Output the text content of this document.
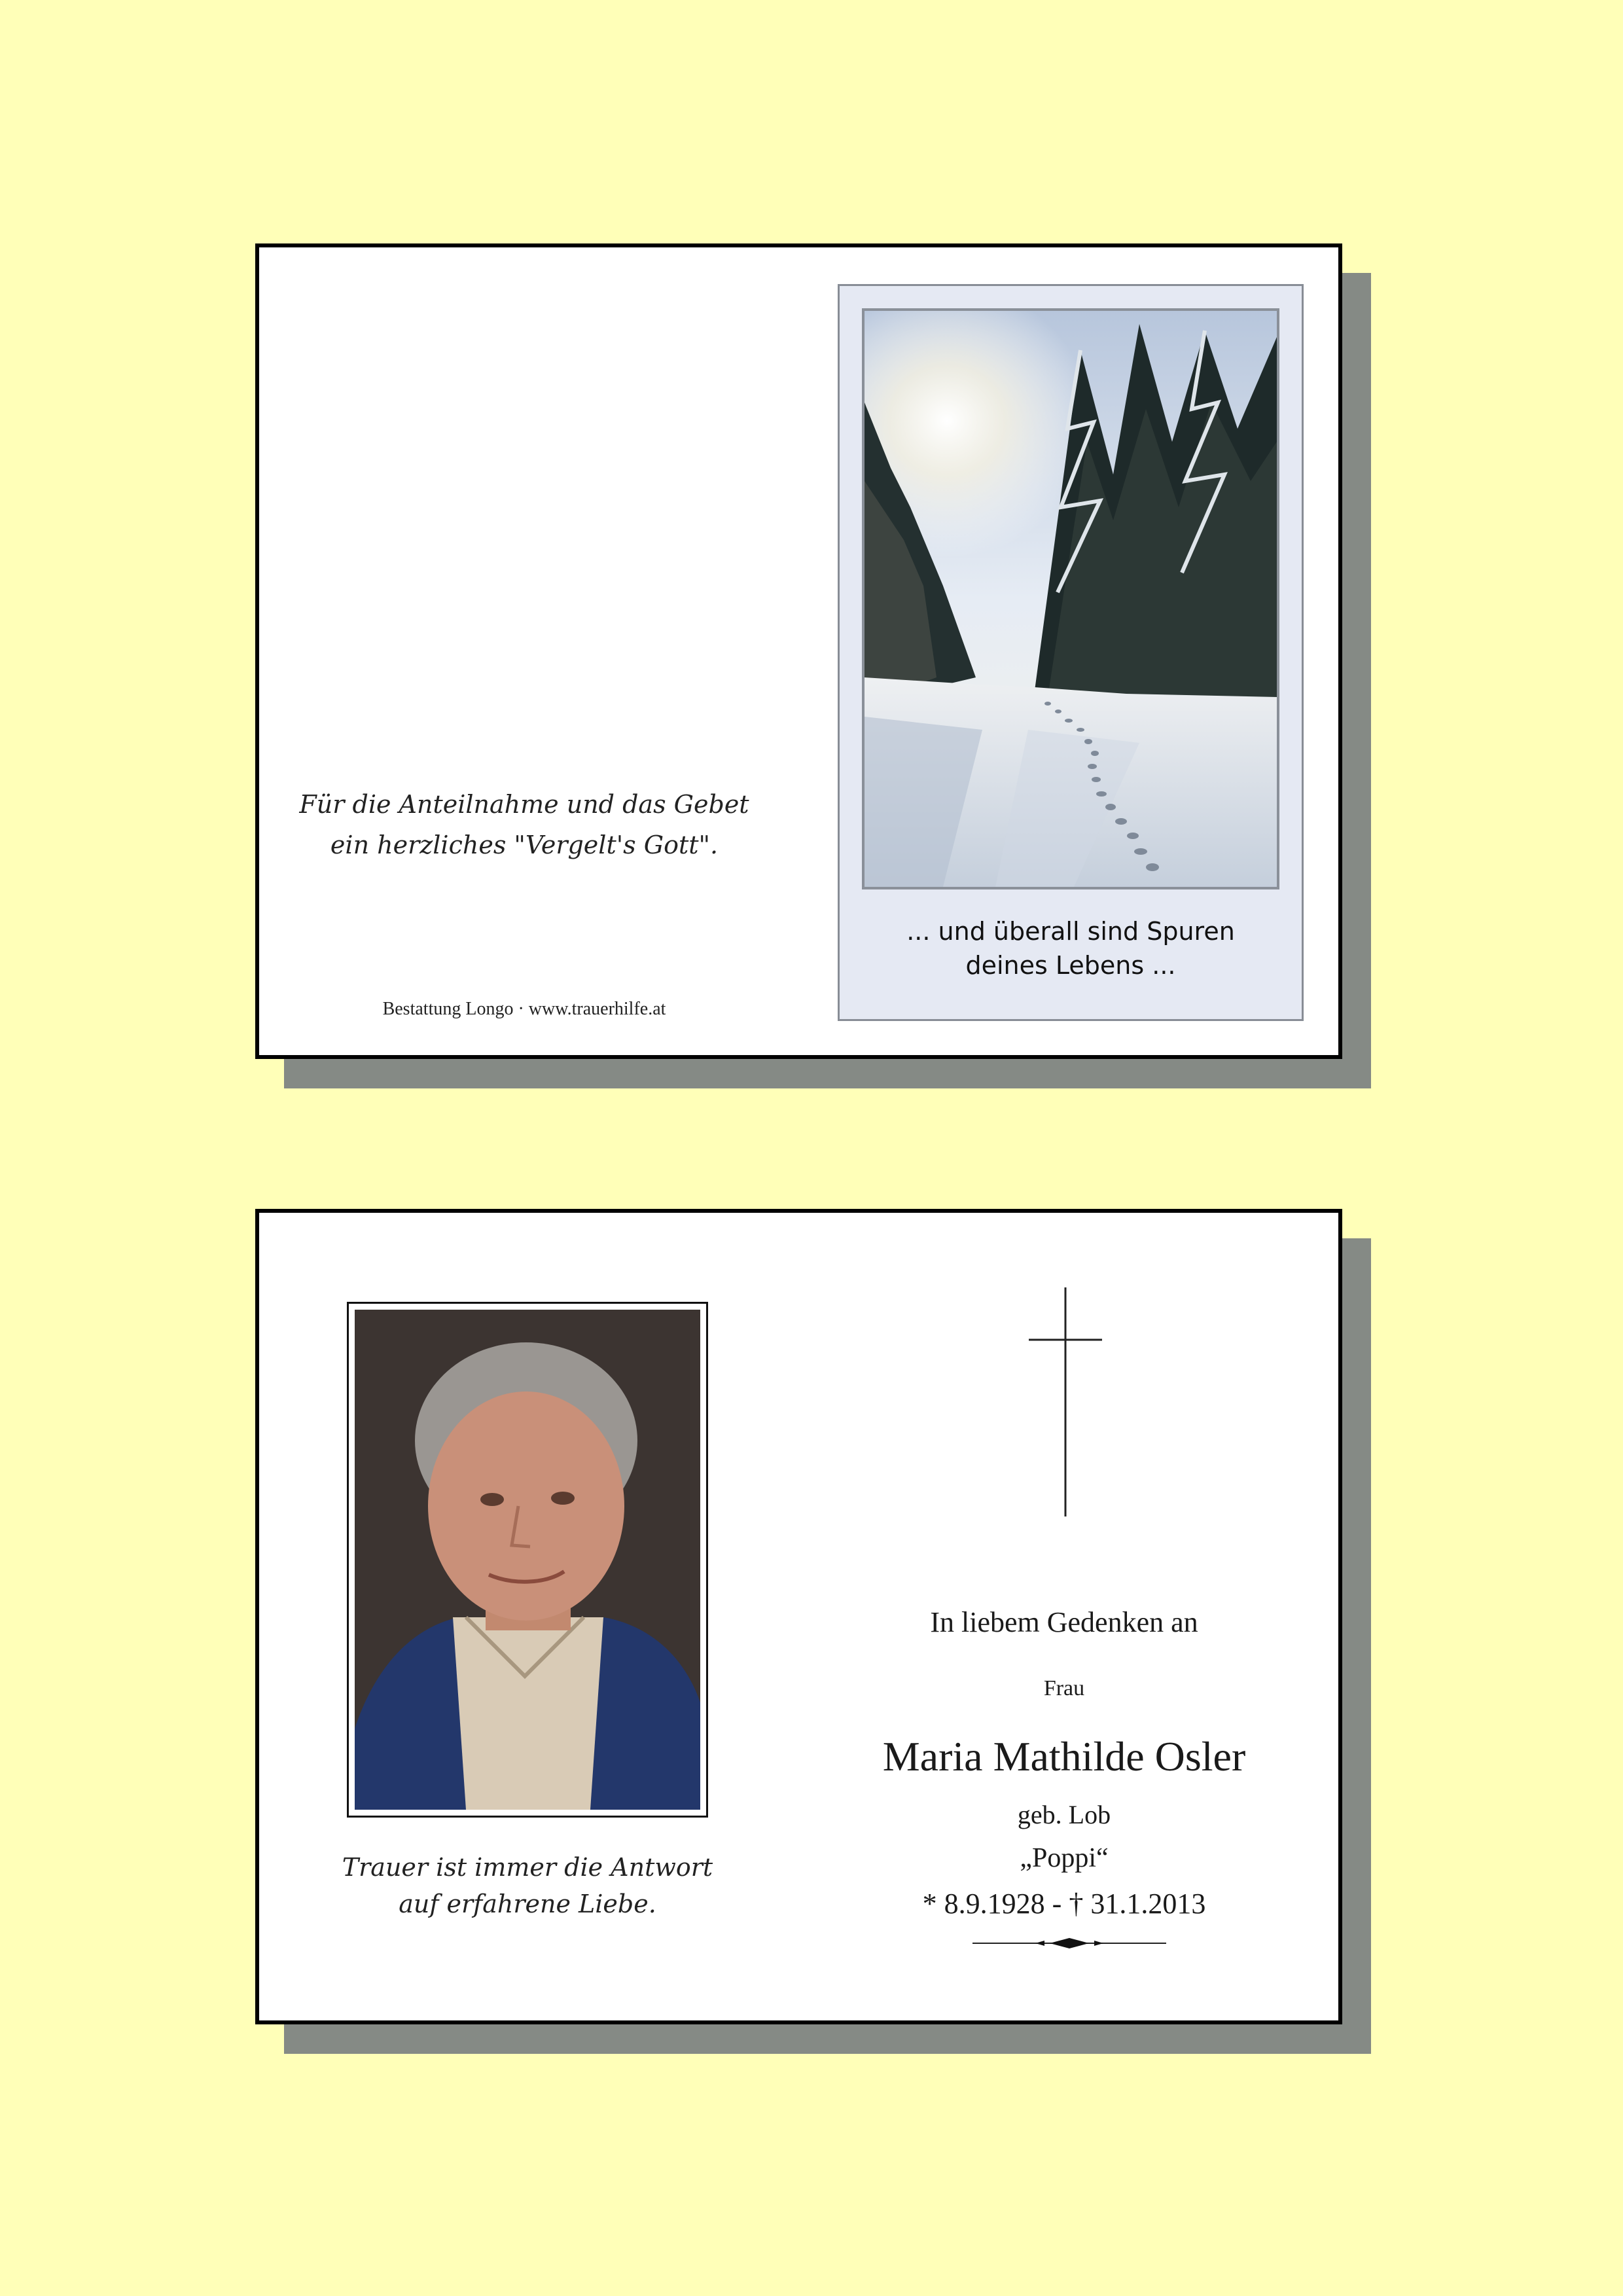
Für die Anteilnahme und das Gebet
ein herzliches "Vergelt's Gott".
Bestattung Longo · www.trauerhilfe.at
... und überall sind Spuren
deines Lebens ...
Trauer ist immer die Antwort
auf erfahrene Liebe.
In liebem Gedenken an
Frau
Maria Mathilde Osler
geb. Lob
„Poppi“
* 8.9.1928 - † 31.1.2013
